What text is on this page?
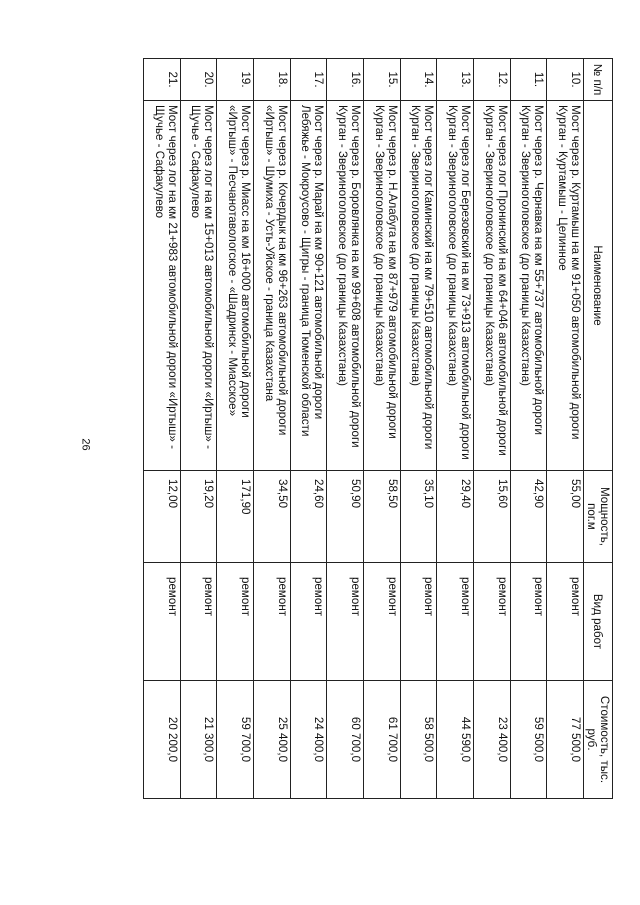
26
№ п/п	Наименование	Мощность, пог.м	Вид работ	Стоимость, тыс. руб.
10.	Мост через р. Куртамыш на км 91+050 автомобильной дороги Курган - Куртамыш - Целинное	55,00	ремонт	77 500,0
11.	Мост через р. Чернавка на км 55+737 автомобильной дороги Курган - Звериноголовское (до границы Казахстана)	42,90	ремонт	59 500,0
12.	Мост через лог Пронинский на км 64+046 автомобильной дороги Курган - Звериноголовское (до границы Казахстана)	15,60	ремонт	23 400,0
13.	Мост через лог Березовский на км 73+913 автомобильной дороги Курган - Звериноголовское (до границы Казахстана)	29,40	ремонт	44 590,0
14.	Мост через лог Каминский на км 79+510 автомобильной дороги Курган - Звериноголовское (до границы Казахстана)	35,10	ремонт	58 500,0
15.	Мост через р. Н.Алабуга на км 87+979 автомобильной дороги Курган - Звериноголовское (до границы Казахстана)	58,50	ремонт	61 700,0
16.	Мост через р. Боровлянка на км 99+608 автомобильной дороги Курган - Звериноголовское (до границы Казахстана)	50,90	ремонт	60 700,0
17.	Мост через р. Марай на км 90+121 автомобильной дороги Лебяжье - Мокроусово - Щигры - граница Тюменской области	24,60	ремонт	24 400,0
18.	Мост через р. Кочердык на км 96+263 автомобильной дороги «Иртыш» - Шумиха - Усть-Уйское - граница Казахстана	34,50	ремонт	25 400,0
19.	Мост через р. Миасс на км 16+000 автомобильной дороги «Иртыш» - Песчанотавологское - «Шадринск - Миасское»	171,90	ремонт	59 700,0
20.	Мост через лог на км 15+013 автомобильной дороги «Иртыш» - Щучье - Сафакулево	19,20	ремонт	21 300,0
21.	Мост через лог на км 21+983 автомобильной дороги «Иртыш» - Щучье - Сафакулево	12,00	ремонт	20 200,0
